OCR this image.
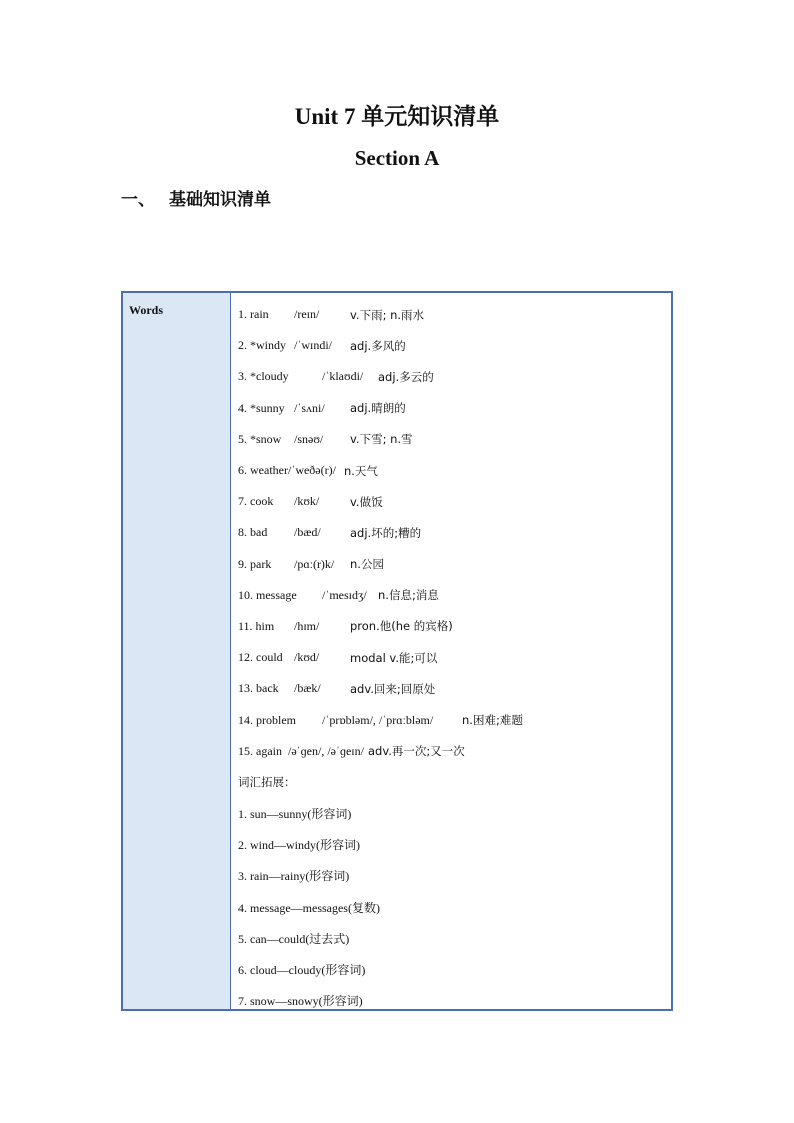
Unit 7 单元知识清单
Section A
一、 基础知识清单
Words	1. rain	/reɪn/	v.下雨; n.雨水
2. *windy /ˈwɪndi/	adj.多风的
3. *cloudy	/ˈklaʊdi/	adj.多云的
4. *sunny /ˈsʌni/	adj.晴朗的
5. *snow	/snəʊ/	v.下雪; n.雪
6. weather /ˈweðə(r)/ n.天气
7. cook	/kʊk/	v.做饭
8. bad	/bæd/	adj.坏的;糟的
9. park	/pɑː(r)k/	n.公园
10. message	/ˈmesɪdʒ/ n.信息;消息
11. him	/hɪm/	pron.他(he 的宾格)
12. could /kʊd/	modal v.能;可以
13. back	/bæk/	adv.回来;回原处
14. problem	/ˈprɒbləm/, /ˈprɑːbləm/	n.困难;难题
15. again /əˈɡen/, /əˈɡeɪn/ adv.再一次;又一次
词汇拓展：
1. sun—sunny(形容词)
2. wind—windy(形容词)
3. rain—rainy(形容词)
4. message—messages(复数)
5. can—could(过去式)
6. cloud—cloudy(形容词)
7. snow—snowy(形容词)
